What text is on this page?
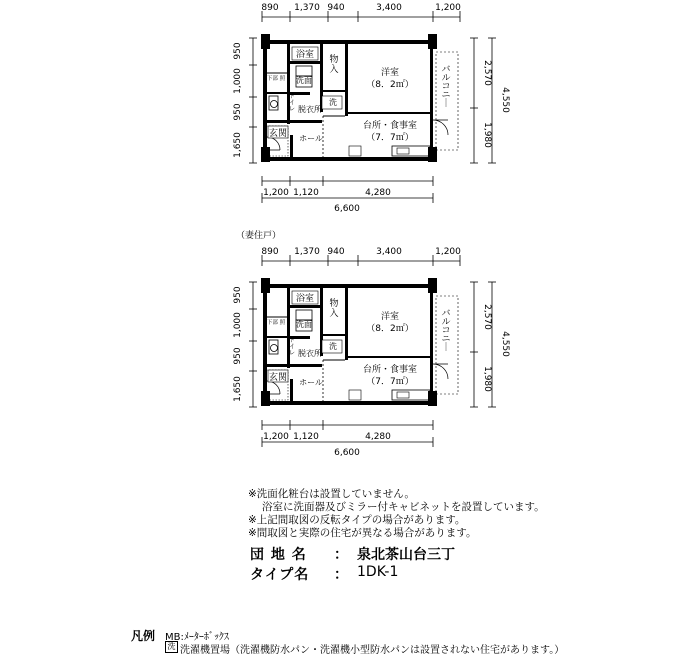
890 1,370 940	3,400	1,200
950
1,000
950
1,650
2,570
1,980
4,550
1,200 1,120	4,280
6,600
浴室
洗面
洗
玄関
脱衣所
ホール
洋室
（8．2㎡）
台所・食事室
（7．7㎡）
物入	バルコニ｜
トイレ
下部 照
（妻住戸）
890 1,370 940	3,400	1,200
950
1,000
950
1,650
2,570
1,980
4,550
1,200 1,120	4,280
6,600
浴室
洗面
洗
玄関
脱衣所
ホール
洋室
（8．2㎡）
台所・食事室
（7．7㎡）
物入	バルコニ｜
トイレ
下部 照
※洗面化粧台は設置していません。
浴室に洗面器及びミラー付キャビネットを設置しています。
※上記間取図の反転タイプの場合があります。
※間取図と実際の住宅が異なる場合があります。
団 地 名 ： 泉北茶山台三丁
タイプ名 ： 1DK-1
凡例 MB:ﾒｰﾀｰﾎﾞｯｸｽ
洗 洗濯機置場（洗濯機防水パン・洗濯機小型防水パンは設置されない住宅があります。）
